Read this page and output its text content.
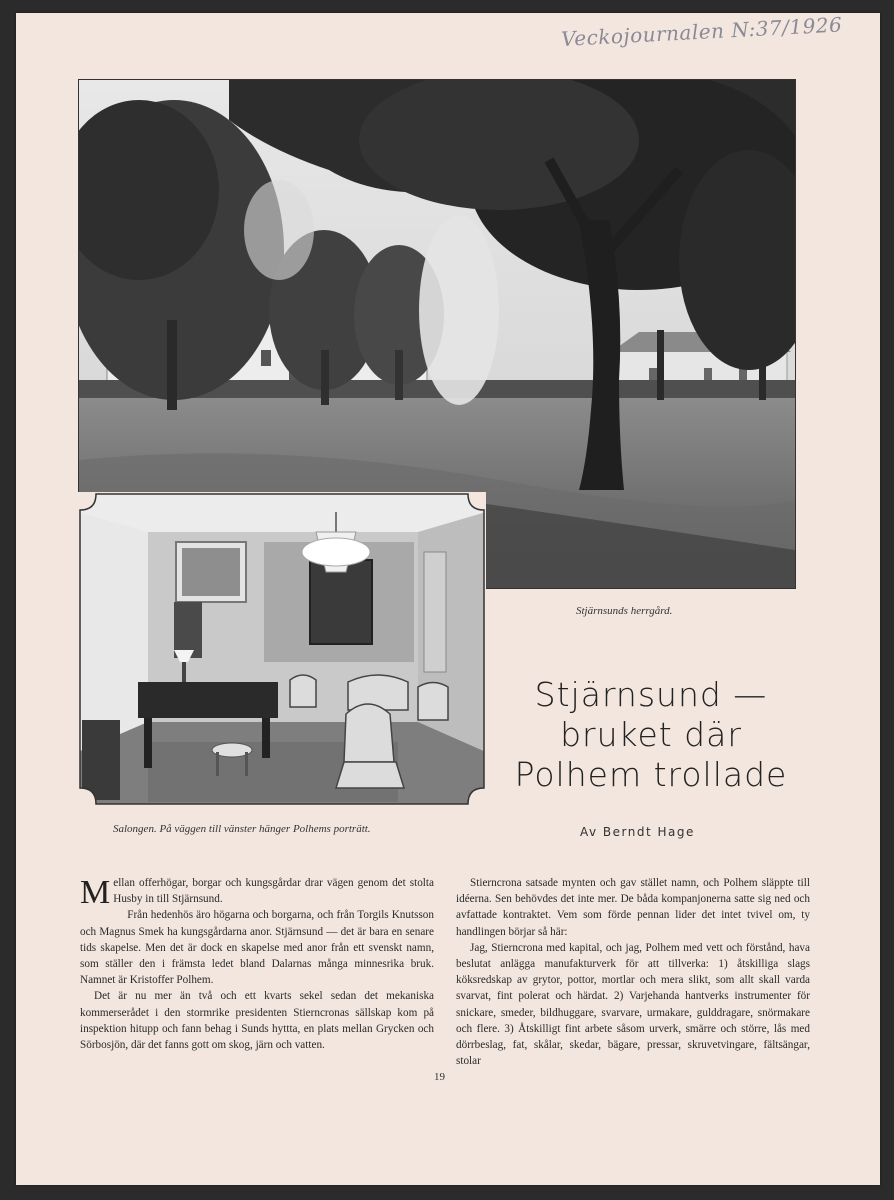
Veckojournalen N:37/1926
Stjärnsunds herrgård.
Salongen. På väggen till vänster hänger Polhems porträtt.
Stjärnsund —
bruket där
Polhem trollade
Av Berndt Hage

Mellan offerhögar, borgar och kungsgårdar drar vägen genom det stolta Husby in till Stjärnsund.

Från hedenhös äro högarna och borgarna, och från Torgils Knutsson och Magnus Smek ha kungsgårdarna anor. Stjärnsund — det är bara en senare tids skapelse. Men det är dock en skapelse med anor från ett svenskt namn, som ställer den i främsta ledet bland Dalarnas många minnesrika bruk. Namnet är Kristoffer Polhem.

Det är nu mer än två och ett kvarts sekel sedan det mekaniska kommerserådet i den stormrike presidenten Stierncronas sällskap kom på inspektion hitupp och fann behag i Sunds hyttta, en plats mellan Grycken och Sörbosjön, där det fanns gott om skog, järn och vatten.

Stierncrona satsade mynten och gav stället namn, och Polhem släppte till idéerna. Sen behövdes det inte mer. De båda kompanjonerna satte sig ned och avfattade kontraktet. Vem som förde pennan lider det intet tvivel om, ty handlingen börjar så här:

Jag, Stierncrona med kapital, och jag, Polhem med vett och förstånd, hava beslutat anlägga manufakturverk för att tillverka: 1) åtskilliga slags köksredskap av grytor, pottor, mortlar och mera slikt, som allt skall varda svarvat, fint polerat och härdat. 2) Varjehanda hantverks instrumenter för snickare, smeder, bildhuggare, svarvare, urmakare, gulddragare, snörmakare och flere. 3) Åtskilligt fint arbete såsom urverk, smärre och större, lås med dörrbeslag, fat, skålar, skedar, bägare, pressar, skruvetvingare, fältsängar, stolar

19
